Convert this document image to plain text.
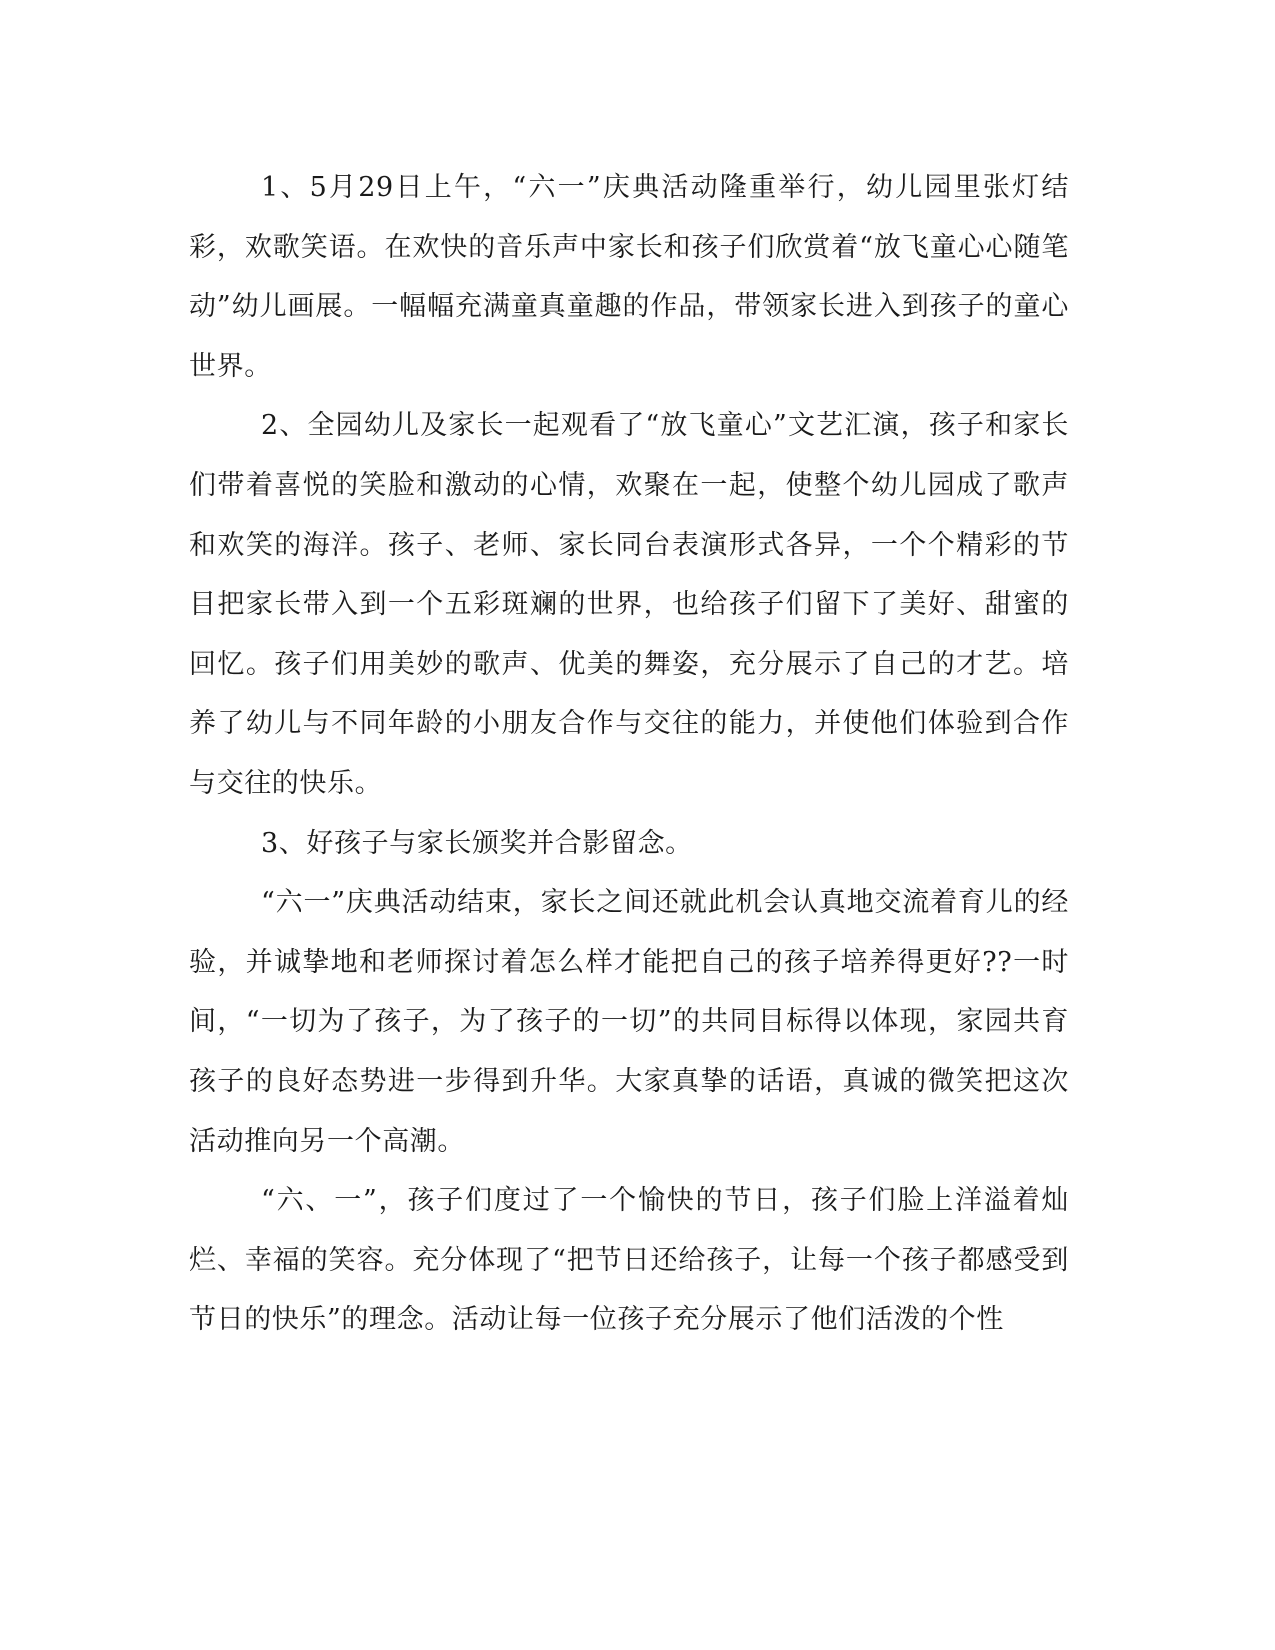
1、5月29日上午，“六一”庆典活动隆重举行，幼儿园里张灯结彩，欢歌笑语。在欢快的音乐声中家长和孩子们欣赏着“放飞童心心随笔动”幼儿画展。一幅幅充满童真童趣的作品，带领家长进入到孩子的童心世界。

2、全园幼儿及家长一起观看了“放飞童心”文艺汇演，孩子和家长们带着喜悦的笑脸和激动的心情，欢聚在一起，使整个幼儿园成了歌声和欢笑的海洋。孩子、老师、家长同台表演形式各异，一个个精彩的节目把家长带入到一个五彩斑斓的世界，也给孩子们留下了美好、甜蜜的回忆。孩子们用美妙的歌声、优美的舞姿，充分展示了自己的才艺。培养了幼儿与不同年龄的小朋友合作与交往的能力，并使他们体验到合作与交往的快乐。

3、好孩子与家长颁奖并合影留念。

“六一”庆典活动结束，家长之间还就此机会认真地交流着育儿的经验，并诚挚地和老师探讨着怎么样才能把自己的孩子培养得更好??一时间，“一切为了孩子，为了孩子的一切”的共同目标得以体现，家园共育孩子的良好态势进一步得到升华。大家真挚的话语，真诚的微笑把这次活动推向另一个高潮。

“六、一”，孩子们度过了一个愉快的节日，孩子们脸上洋溢着灿烂、幸福的笑容。充分体现了“把节日还给孩子，让每一个孩子都感受到节日的快乐”的理念。活动让每一位孩子充分展示了他们活泼的个性
